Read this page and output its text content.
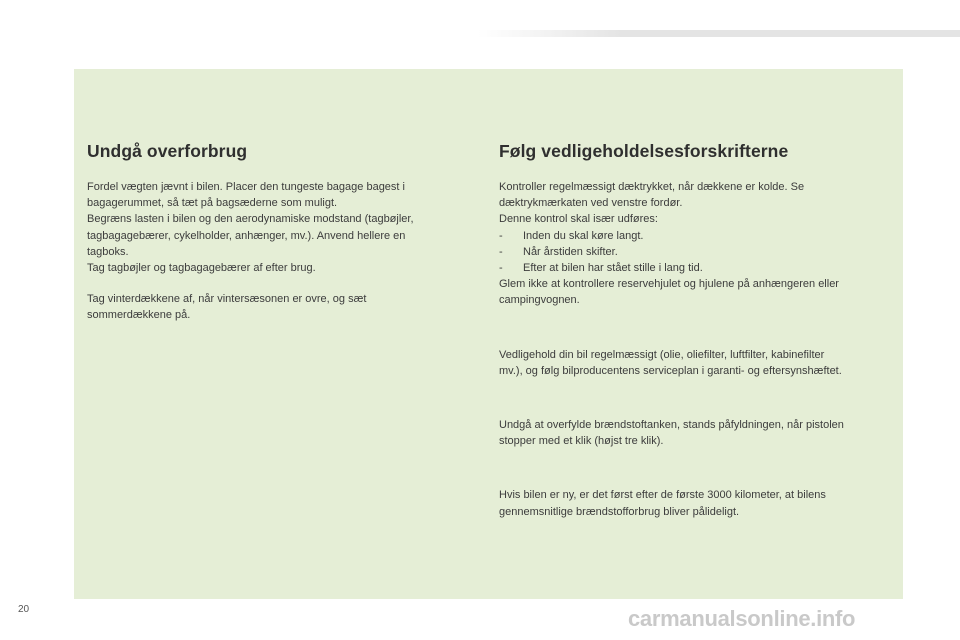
Undgå overforbrug

Fordel vægten jævnt i bilen. Placer den tungeste bagage bagest i
bagagerummet, så tæt på bagsæderne som muligt.
Begræns lasten i bilen og den aerodynamiske modstand (tagbøjler,
tagbagagebærer, cykelholder, anhænger, mv.). Anvend hellere en
tagboks.
Tag tagbøjler og tagbagagebærer af efter brug.

Tag vinterdækkene af, når vintersæsonen er ovre, og sæt
sommerdækkene på.

Følg vedligeholdelsesforskrifterne

Kontroller regelmæssigt dæktrykket, når dækkene er kolde. Se
dæktrykmærkaten ved venstre fordør.
Denne kontrol skal især udføres:
- Inden du skal køre langt.
- Når årstiden skifter.
- Efter at bilen har stået stille i lang tid.
Glem ikke at kontrollere reservehjulet og hjulene på anhængeren eller
campingvognen.

Vedligehold din bil regelmæssigt (olie, oliefilter, luftfilter, kabinefilter
mv.), og følg bilproducentens serviceplan i garanti- og eftersynshæftet.

Undgå at overfylde brændstoftanken, stands påfyldningen, når pistolen
stopper med et klik (højst tre klik).

Hvis bilen er ny, er det først efter de første 3000 kilometer, at bilens
gennemsnitlige brændstofforbrug bliver pålideligt.

20	carmanualsonline.info
